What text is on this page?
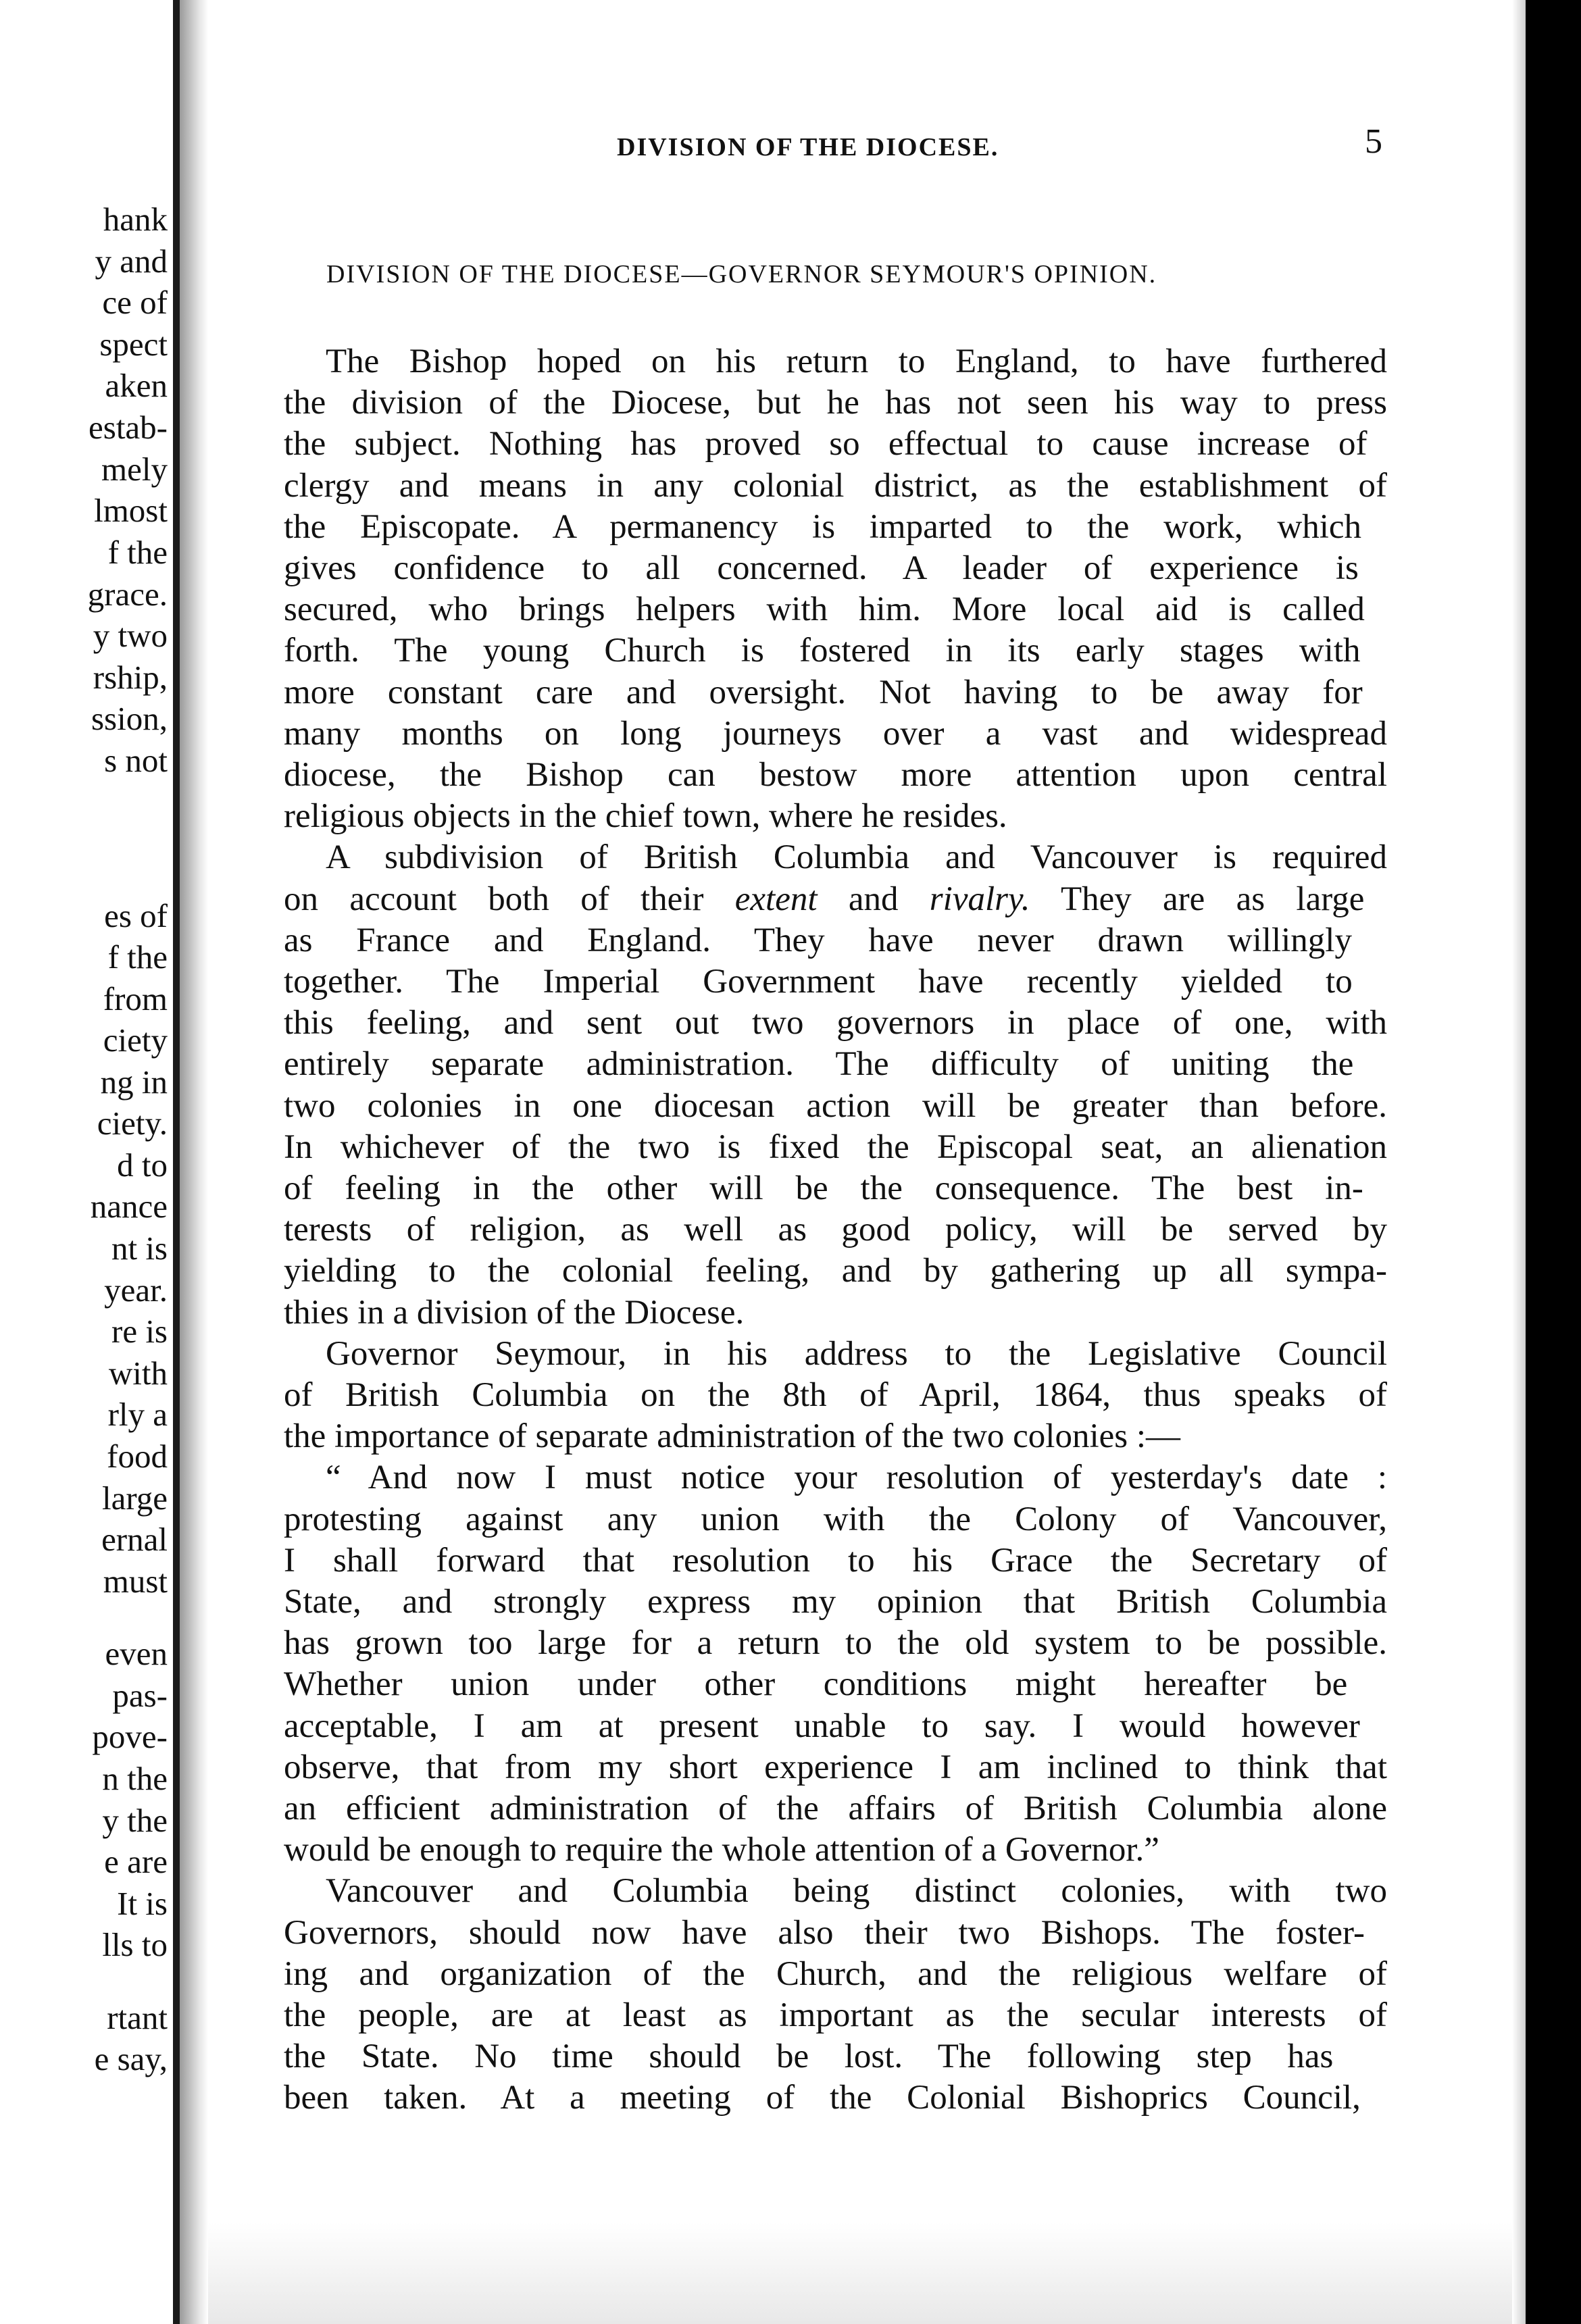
hank
y and
ce of
spect
aken
estab-
mely
lmost
f the
grace.
y two
rship,
ssion,
s not
es of
f the
from
ciety
ng in
ciety.
d to
nance
nt is
year.
re is
with
rly a
food
large
ernal
must
even
pas-
pove-
n the
y the
e are
It is
lls to
rtant
e say,
DIVISION OF THE DIOCESE.	5
DIVISION OF THE DIOCESE—GOVERNOR SEYMOUR'S OPINION.
The Bishop hoped on his return to England, to have furthered
the division of the Diocese, but he has not seen his way to press
the subject. Nothing has proved so effectual to cause increase of
clergy and means in any colonial district, as the establishment of
the Episcopate. A permanency is imparted to the work, which
gives confidence to all concerned. A leader of experience is
secured, who brings helpers with him. More local aid is called
forth. The young Church is fostered in its early stages with
more constant care and oversight. Not having to be away for
many months on long journeys over a vast and widespread
diocese, the Bishop can bestow more attention upon central
religious objects in the chief town, where he resides.
A subdivision of British Columbia and Vancouver is required
on account both of their extent and rivalry. They are as large
as France and England. They have never drawn willingly
together. The Imperial Government have recently yielded to
this feeling, and sent out two governors in place of one, with
entirely separate administration. The difficulty of uniting the
two colonies in one diocesan action will be greater than before.
In whichever of the two is fixed the Episcopal seat, an alienation
of feeling in the other will be the consequence. The best in-
terests of religion, as well as good policy, will be served by
yielding to the colonial feeling, and by gathering up all sympa-
thies in a division of the Diocese.
Governor Seymour, in his address to the Legislative Council
of British Columbia on the 8th of April, 1864, thus speaks of
the importance of separate administration of the two colonies :—
“ And now I must notice your resolution of yesterday's date :
protesting against any union with the Colony of Vancouver,
I shall forward that resolution to his Grace the Secretary of
State, and strongly express my opinion that British Columbia
has grown too large for a return to the old system to be possible.
Whether union under other conditions might hereafter be
acceptable, I am at present unable to say. I would however
observe, that from my short experience I am inclined to think that
an efficient administration of the affairs of British Columbia alone
would be enough to require the whole attention of a Governor.”
Vancouver and Columbia being distinct colonies, with two
Governors, should now have also their two Bishops. The foster-
ing and organization of the Church, and the religious welfare of
the people, are at least as important as the secular interests of
the State. No time should be lost. The following step has
been taken. At a meeting of the Colonial Bishoprics Council,
